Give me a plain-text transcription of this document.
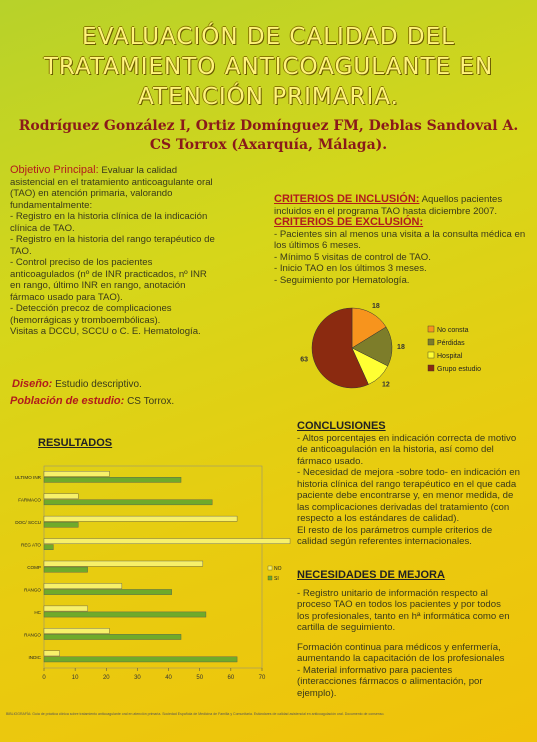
EVALUACIÓN DE CALIDAD DEL
TRATAMIENTO ANTICOAGULANTE EN
ATENCIÓN PRIMARIA.
Rodríguez González I, Ortiz Domínguez FM, Deblas Sandoval A.
CS Torrox (Axarquía, Málaga).
Objetivo Principal: Evaluar la calidad
asistencial en el tratamiento anticoagulante oral
(TAO) en atención primaria, valorando
fundamentalmente:
- Registro en la historia clínica de la indicación
clínica de TAO.
- Registro en la historia del rango terapéutico de
TAO.
- Control preciso de los pacientes
anticoagulados (nº de INR practicados, nº INR
en rango, último INR en rango, anotación
fármaco usado para TAO).
- Detección precoz de complicaciones
(hemorrágicas y tromboembólicas).
Visitas a DCCU, SCCU o C. E. Hematología.
Diseño: Estudio descriptivo.
Población de estudio: CS Torrox.
CRITERIOS DE INCLUSIÓN: Aquellos pacientes
incluidos en el programa TAO hasta diciembre 2007.
CRITERIOS DE EXCLUSIÓN:
- Pacientes sin al menos una visita a la consulta médica en
los últimos 6 meses.
- Mínimo 5 visitas de control de TAO.
- Inicio TAO en los últimos 3 meses.
- Seguimiento por Hematología.
18
18
12
63
No consta
Pérdidas
Hospital
Grupo estudio
CONCLUSIONES
- Altos porcentajes en indicación correcta de motivo
de anticoagulación en la historia, así como del
fármaco usado.
- Necesidad de mejora -sobre todo- en indicación en
historia clínica del rango terapéutico en el que cada
paciente debe encontrarse y, en menor medida, de
las complicaciones derivadas del tratamiento (con
respecto a los estándares de calidad).
El resto de los parámetros cumple criterios de
calidad según referentes internacionales.
NECESIDADES DE MEJORA
- Registro unitario de información respecto al
proceso TAO en todos los pacientes y por todos
los profesionales, tanto en hª informática como en
cartilla de seguimiento.
Formación continua para médicos y enfermería,
aumentando la capacitación de los profesionales
- Material informativo para pacientes
(interacciones fármacos o alimentación, por
ejemplo).
RESULTADOS
0	10	20	30	40	50	60	70
ULTIMO INR
FARMACO
DOC/ SCCU
REG ATO
COMP
RANGO
HC
RANGO
INDIC
NO
SI
BIBLIOGRAFÍA: Guía de práctica clínica sobre tratamiento anticoagulante oral en atención primaria. Sociedad Española de Medicina de Familia y Comunitaria. Estándares de calidad asistencial en anticoagulación oral. Documento de consenso.
